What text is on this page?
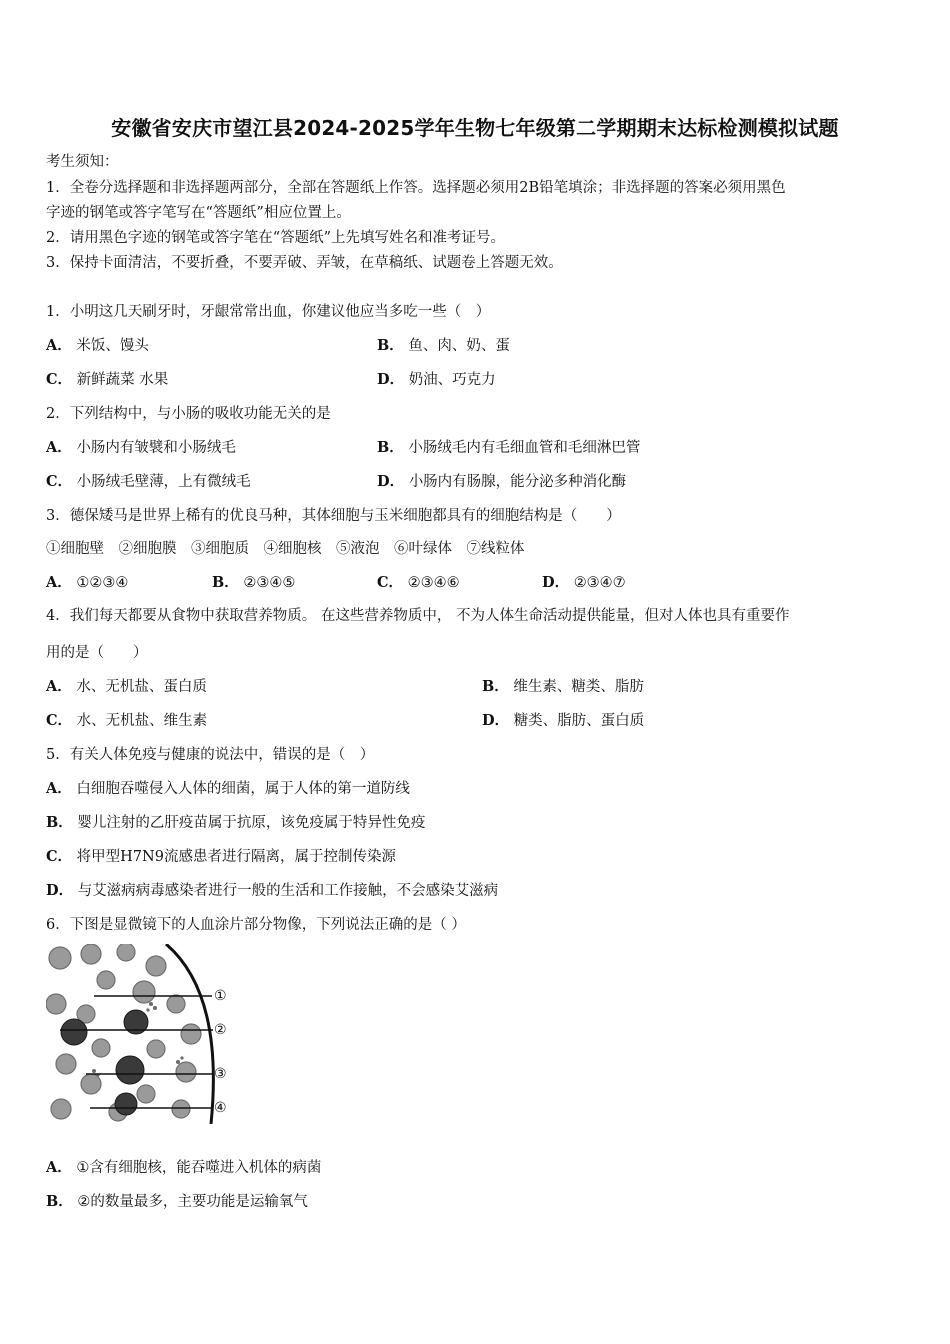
安徽省安庆市望江县2024-2025学年生物七年级第二学期期末达标检测模拟试题
考生须知：
1．全卷分选择题和非选择题两部分，全部在答题纸上作答。选择题必须用2B铅笔填涂；非选择题的答案必须用黑色
字迹的钢笔或答字笔写在“答题纸”相应位置上。
2．请用黑色字迹的钢笔或答字笔在“答题纸”上先填写姓名和准考证号。
3．保持卡面清洁，不要折叠，不要弄破、弄皱，在草稿纸、试题卷上答题无效。
1．小明这几天刷牙时，牙龈常常出血，你建议他应当多吃一些（　）
A． 米饭、馒头	B． 鱼、肉、奶、蛋
C． 新鲜蔬菜 水果	D． 奶油、巧克力
2．下列结构中，与小肠的吸收功能无关的是
A． 小肠内有皱襞和小肠绒毛	B． 小肠绒毛内有毛细血管和毛细淋巴管
C． 小肠绒毛壁薄，上有微绒毛	D． 小肠内有肠腺，能分泌多种消化酶
3．德保矮马是世界上稀有的优良马种，其体细胞与玉米细胞都具有的细胞结构是（　　）
①细胞壁　②细胞膜　③细胞质　④细胞核　⑤液泡　⑥叶绿体　⑦线粒体
A． ①②③④	B． ②③④⑤	C． ②③④⑥	D． ②③④⑦
4．我们每天都要从食物中获取营养物质。 在这些营养物质中， 不为人体生命活动提供能量，但对人体也具有重要作
用的是（　　）
A． 水、无机盐、蛋白质	B． 维生素、糖类、脂肪
C． 水、无机盐、维生素	D． 糖类、脂肪、蛋白质
5．有关人体免疫与健康的说法中，错误的是（　）
A． 白细胞吞噬侵入人体的细菌，属于人体的第一道防线
B． 婴儿注射的乙肝疫苗属于抗原，该免疫属于特异性免疫
C． 将甲型H7N9流感患者进行隔离，属于控制传染源
D． 与艾滋病病毒感染者进行一般的生活和工作接触，不会感染艾滋病
6．下图是显微镜下的人血涂片部分物像，下列说法正确的是（ ）
①
②
③
④
A． ①含有细胞核，能吞噬进入机体的病菌
B． ②的数量最多，主要功能是运输氧气
